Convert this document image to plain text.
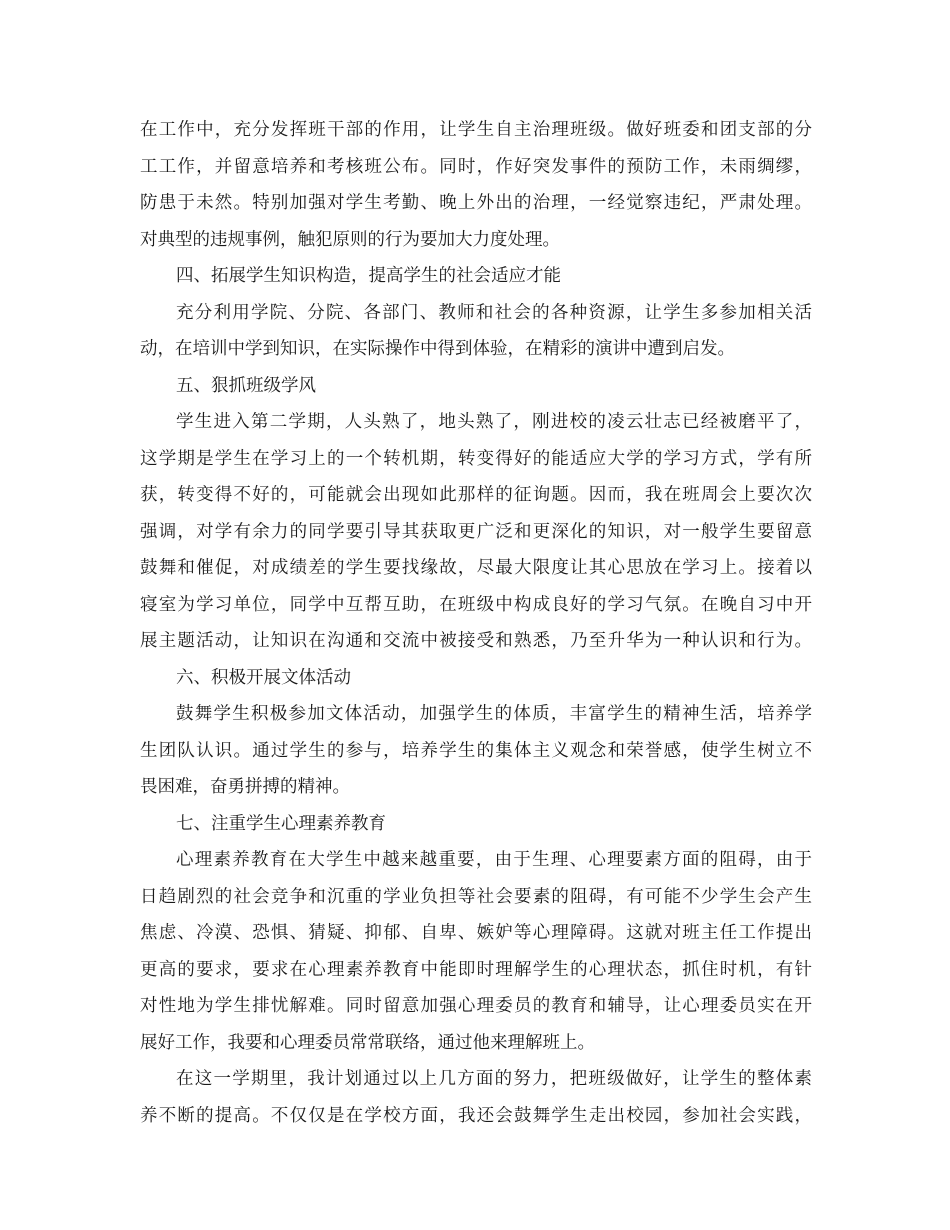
在工作中，充分发挥班干部的作用，让学生自主治理班级。做好班委和团支部的分
工工作，并留意培养和考核班公布。同时，作好突发事件的预防工作，未雨绸缪，
防患于未然。特别加强对学生考勤、晚上外出的治理，一经觉察违纪，严肃处理。
对典型的违规事例，触犯原则的行为要加大力度处理。
四、拓展学生知识构造，提高学生的社会适应才能
充分利用学院、分院、各部门、教师和社会的各种资源，让学生多参加相关活
动，在培训中学到知识，在实际操作中得到体验，在精彩的演讲中遭到启发。
五、狠抓班级学风
学生进入第二学期，人头熟了，地头熟了，刚进校的凌云壮志已经被磨平了，
这学期是学生在学习上的一个转机期，转变得好的能适应大学的学习方式，学有所
获，转变得不好的，可能就会出现如此那样的征询题。因而，我在班周会上要次次
强调，对学有余力的同学要引导其获取更广泛和更深化的知识，对一般学生要留意
鼓舞和催促，对成绩差的学生要找缘故，尽最大限度让其心思放在学习上。接着以
寝室为学习单位，同学中互帮互助，在班级中构成良好的学习气氛。在晚自习中开
展主题活动，让知识在沟通和交流中被接受和熟悉，乃至升华为一种认识和行为。
六、积极开展文体活动
鼓舞学生积极参加文体活动，加强学生的体质，丰富学生的精神生活，培养学
生团队认识。通过学生的参与，培养学生的集体主义观念和荣誉感，使学生树立不
畏困难，奋勇拼搏的精神。
七、注重学生心理素养教育
心理素养教育在大学生中越来越重要，由于生理、心理要素方面的阻碍，由于
日趋剧烈的社会竞争和沉重的学业负担等社会要素的阻碍，有可能不少学生会产生
焦虑、冷漠、恐惧、猜疑、抑郁、自卑、嫉妒等心理障碍。这就对班主任工作提出
更高的要求，要求在心理素养教育中能即时理解学生的心理状态，抓住时机，有针
对性地为学生排忧解难。同时留意加强心理委员的教育和辅导，让心理委员实在开
展好工作，我要和心理委员常常联络，通过他来理解班上。
在这一学期里，我计划通过以上几方面的努力，把班级做好，让学生的整体素
养不断的提高。不仅仅是在学校方面，我还会鼓舞学生走出校园，参加社会实践，
